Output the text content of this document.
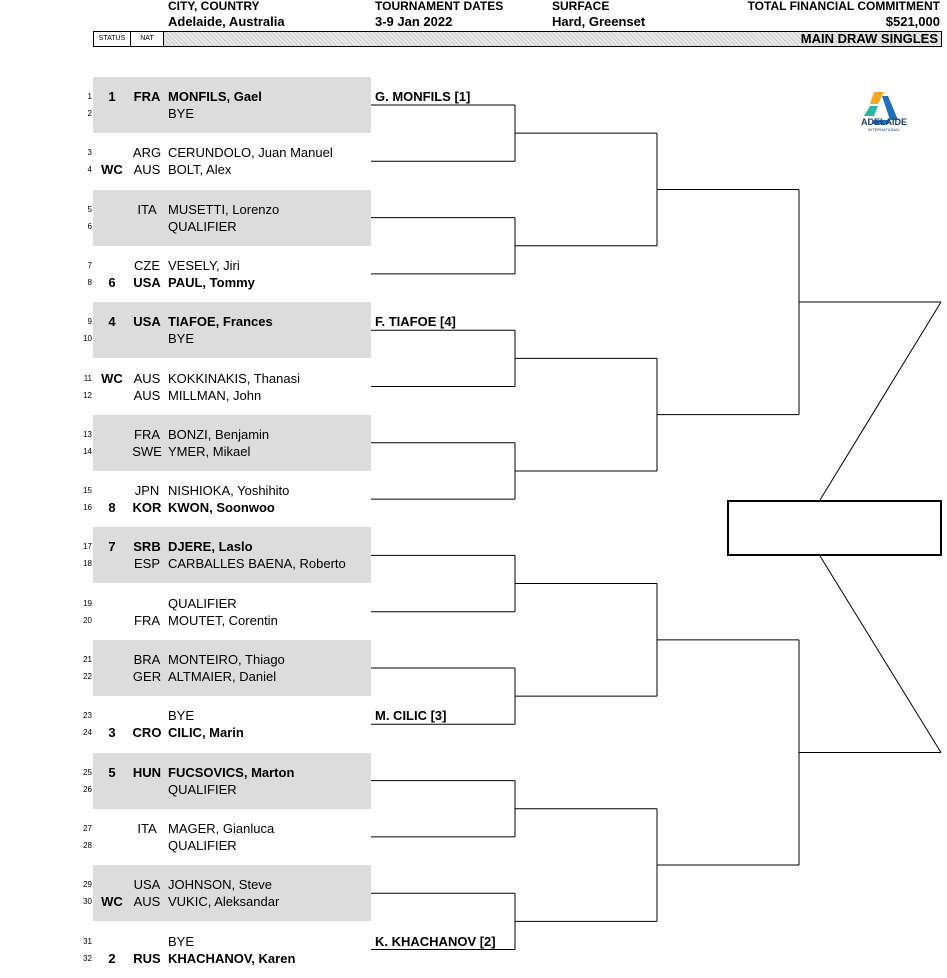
CITY, COUNTRY
Adelaide, Australia
TOURNAMENT DATES
3-9 Jan 2022
SURFACE
Hard, Greenset
TOTAL FINANCIAL COMMITMENT
$521,000
STATUS	NAT	MAIN DRAW SINGLES
ADELAIDE
INTERNATIONAL
1	1	FRA MONFILS, Gael
2	BYE
3	ARG CERUNDOLO, Juan Manuel
4 WC AUS BOLT, Alex
5	ITA MUSETTI, Lorenzo
6	QUALIFIER
7	CZE VESELY, Jiri
8	6	USA PAUL, Tommy
9	4	USA TIAFOE, Frances
10	BYE
11 WC AUS KOKKINAKIS, Thanasi
12	AUS MILLMAN, John
13	FRA BONZI, Benjamin
14	SWE YMER, Mikael
15	JPN NISHIOKA, Yoshihito
16	8	KOR KWON, Soonwoo
17	7	SRB DJERE, Laslo
18	ESP CARBALLES BAENA, Roberto
19	QUALIFIER
20	FRA MOUTET, Corentin
21	BRA MONTEIRO, Thiago
22	GER ALTMAIER, Daniel
23	BYE
24	3	CRO CILIC, Marin
25	5	HUN FUCSOVICS, Marton
26	QUALIFIER
27	ITA MAGER, Gianluca
28	QUALIFIER
29	USA JOHNSON, Steve
30 WC AUS VUKIC, Aleksandar
31	BYE
32	2	RUS KHACHANOV, Karen
G. MONFILS [1]
F. TIAFOE [4]
M. CILIC [3]
K. KHACHANOV [2]
